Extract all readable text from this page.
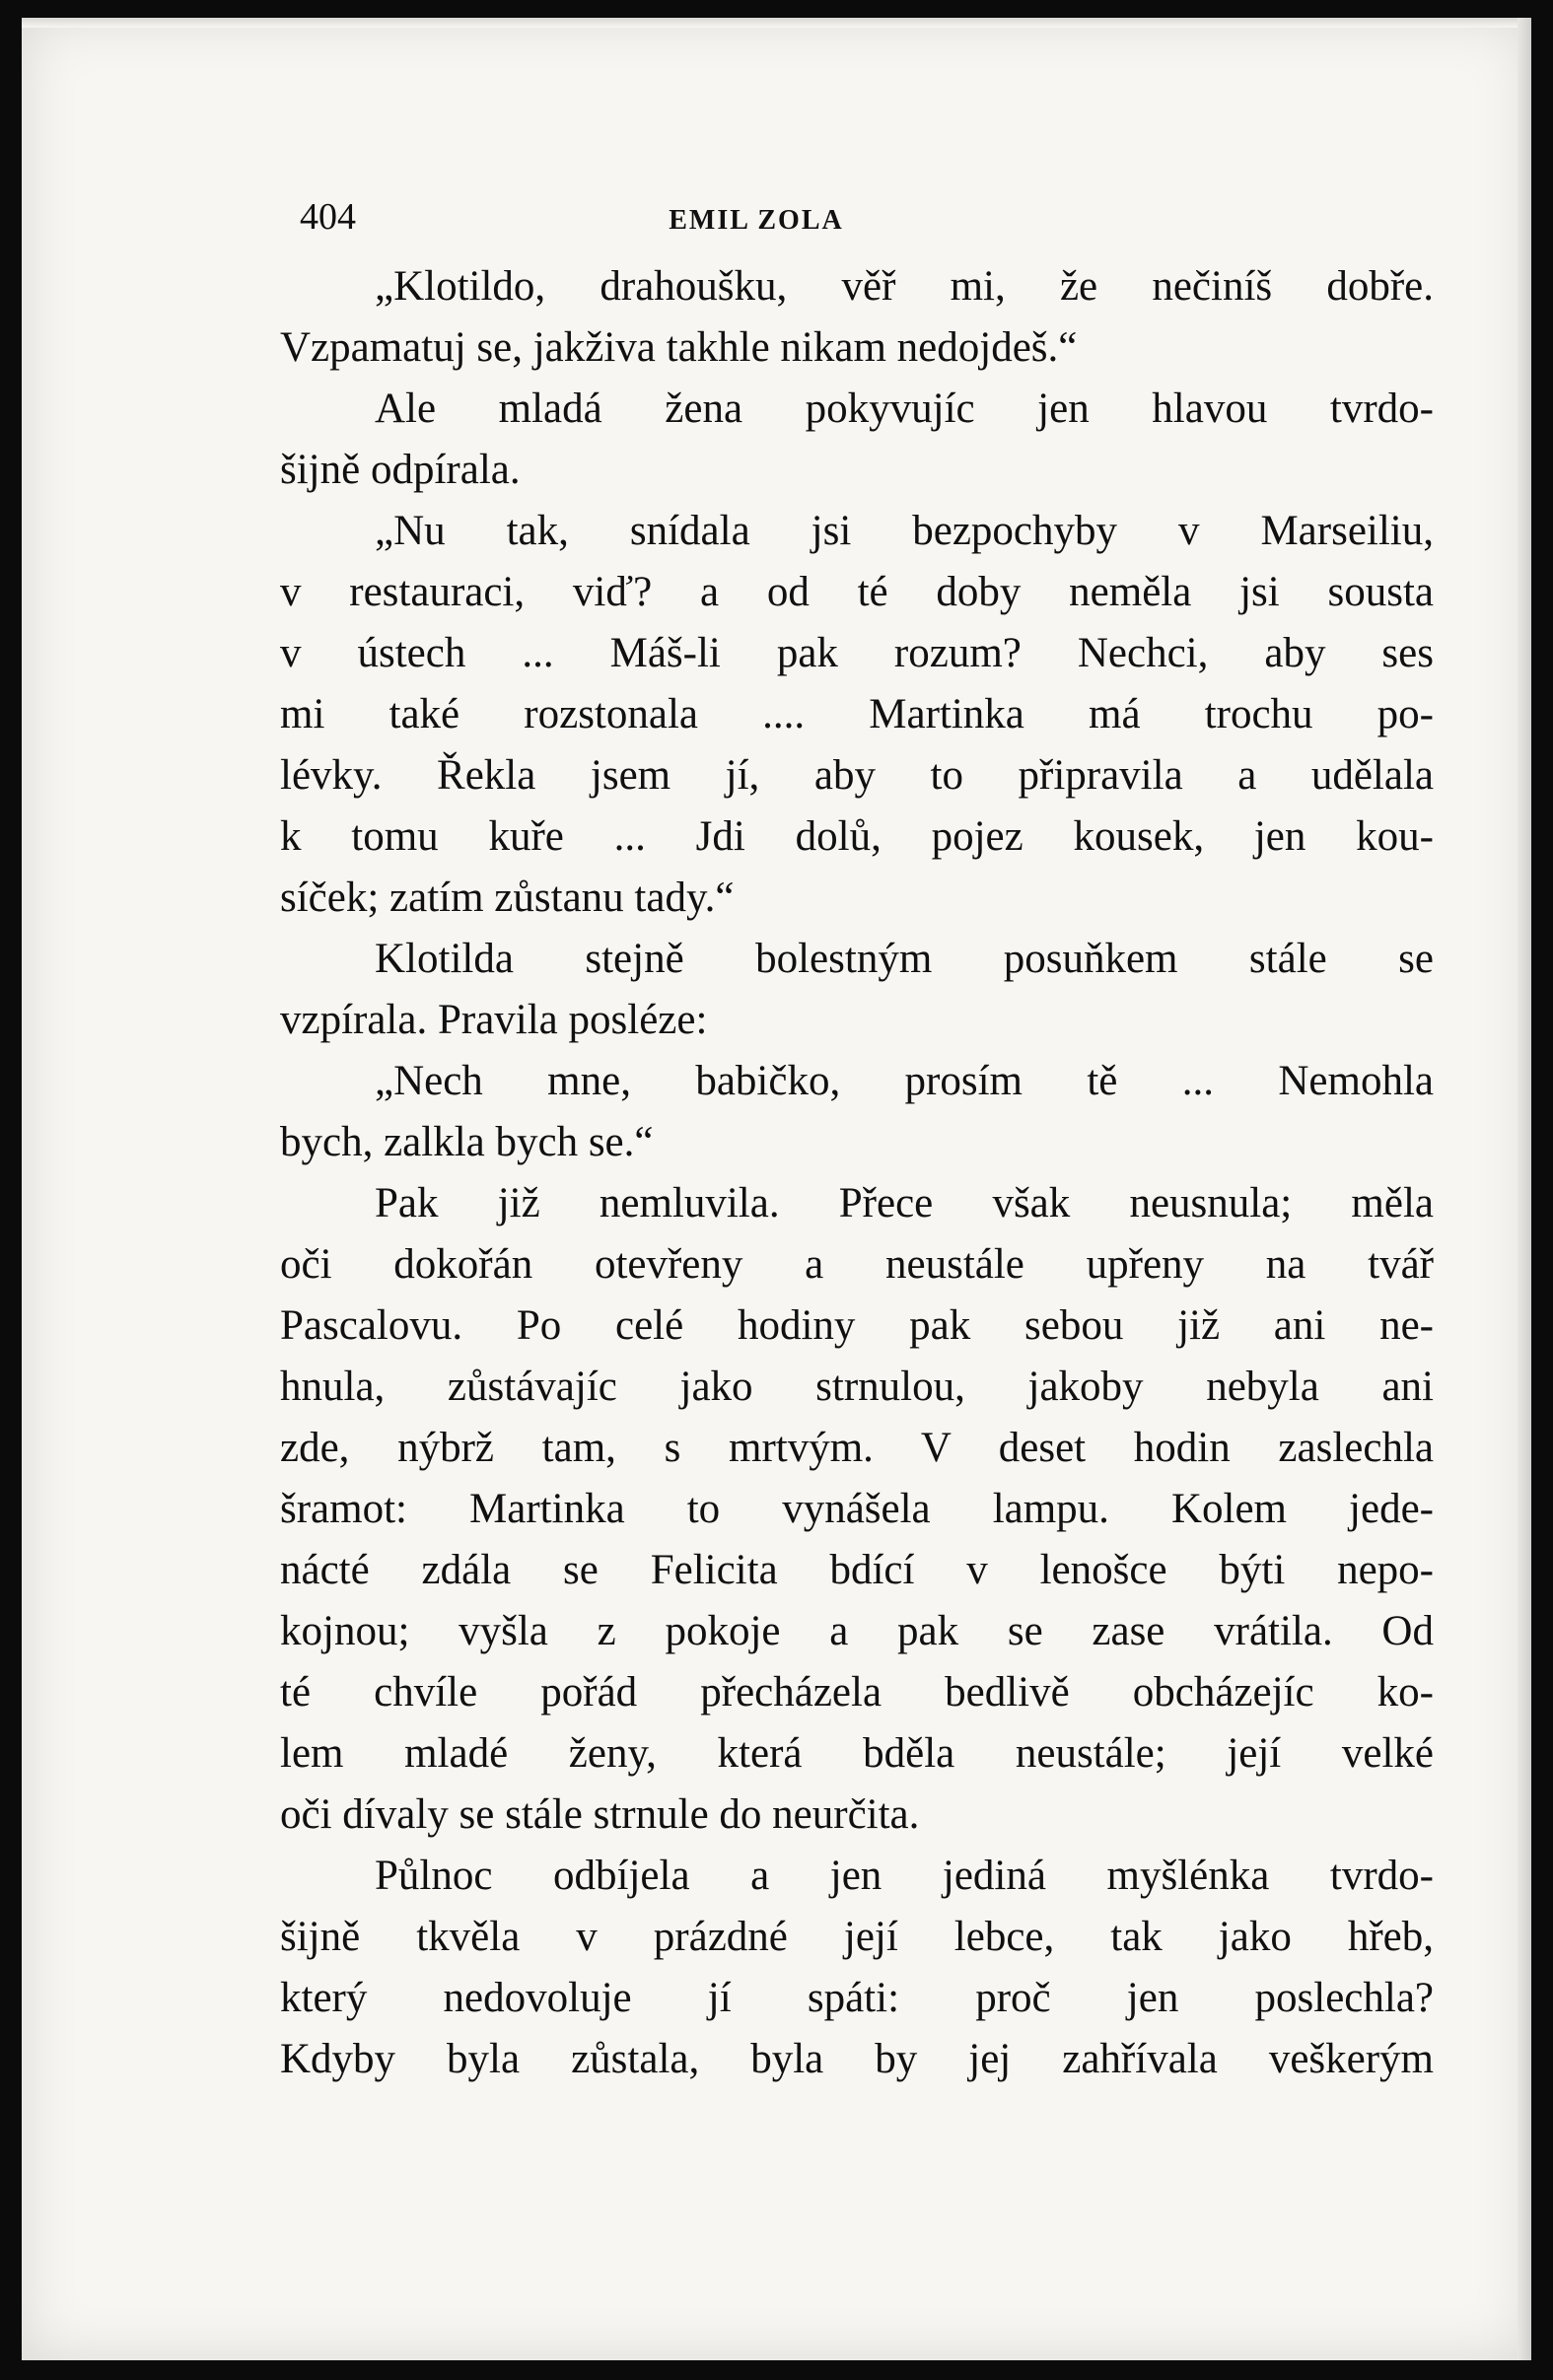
404	EMIL ZOLA
„Klotildo, drahoušku, věř mi, že nečiníš dobře.
Vzpamatuj se, jakživa takhle nikam nedojdeš.“
Ale mladá žena pokyvujíc jen hlavou tvrdo-
šijně odpírala.
„Nu tak, snídala jsi bezpochyby v Marseiliu,
v restauraci, viď? a od té doby neměla jsi sousta
v ústech ... Máš-li pak rozum? Nechci, aby ses
mi také rozstonala .... Martinka má trochu po-
lévky. Řekla jsem jí, aby to připravila a udělala
k tomu kuře ... Jdi dolů, pojez kousek, jen kou-
síček; zatím zůstanu tady.“
Klotilda stejně bolestným posuňkem stále se
vzpírala. Pravila posléze:
„Nech mne, babičko, prosím tě ... Nemohla
bych, zalkla bych se.“
Pak již nemluvila. Přece však neusnula; měla
oči dokořán otevřeny a neustále upřeny na tvář
Pascalovu. Po celé hodiny pak sebou již ani ne-
hnula, zůstávajíc jako strnulou, jakoby nebyla ani
zde, nýbrž tam, s mrtvým. V deset hodin zaslechla
šramot: Martinka to vynášela lampu. Kolem jede-
nácté zdála se Felicita bdící v lenošce býti nepo-
kojnou; vyšla z pokoje a pak se zase vrátila. Od
té chvíle pořád přecházela bedlivě obcházejíc ko-
lem mladé ženy, která bděla neustále; její velké
oči dívaly se stále strnule do neurčita.
Půlnoc odbíjela a jen jediná myšlénka tvrdo-
šijně tkvěla v prázdné její lebce, tak jako hřeb,
který nedovoluje jí spáti: proč jen poslechla?
Kdyby byla zůstala, byla by jej zahřívala veškerým
